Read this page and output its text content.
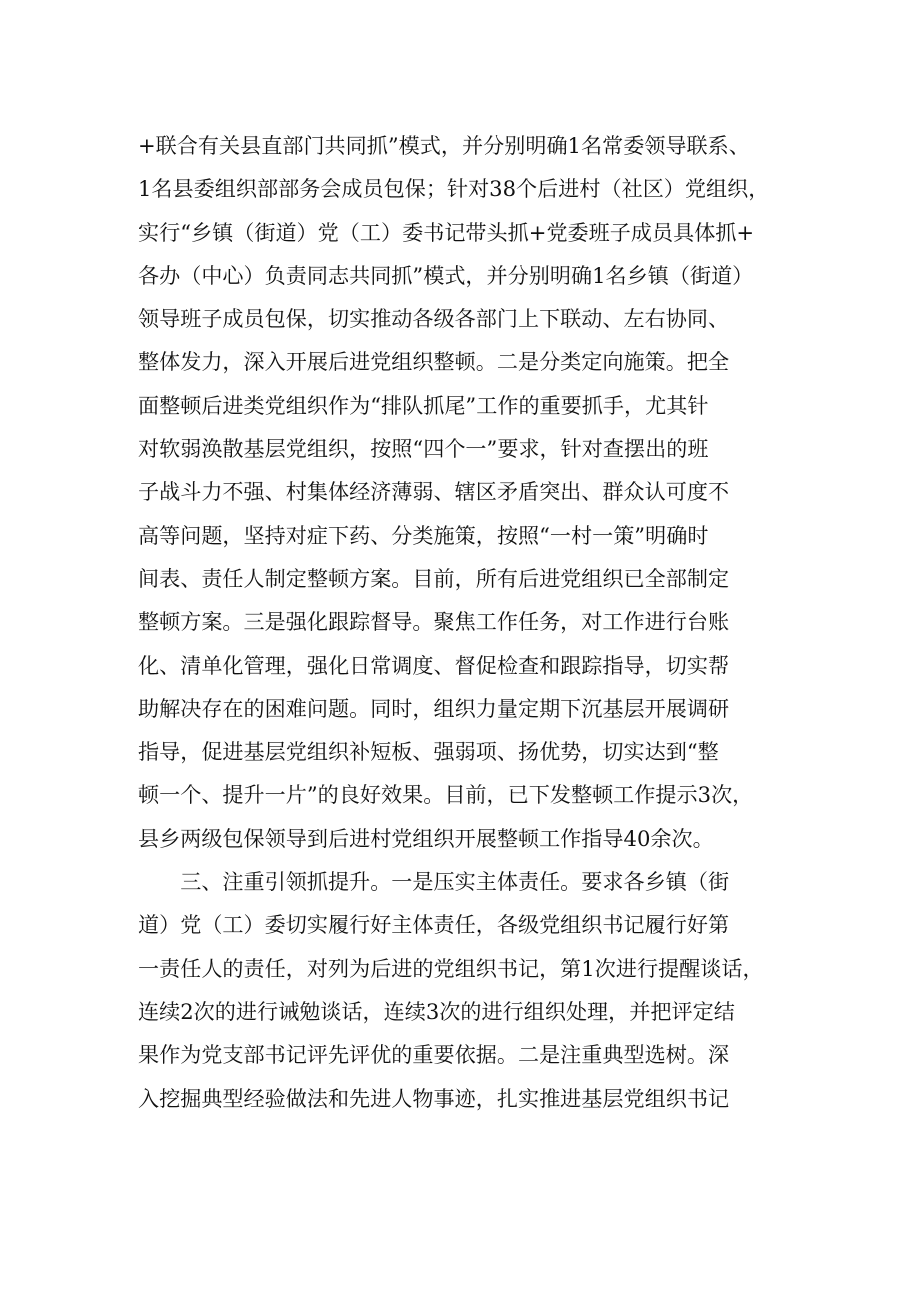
+联合有关县直部门共同抓”模式，并分别明确1名常委领导联系、
1名县委组织部部务会成员包保；针对38个后进村（社区）党组织，
实行“乡镇（街道）党（工）委书记带头抓+党委班子成员具体抓+
各办（中心）负责同志共同抓”模式，并分别明确1名乡镇（街道）
领导班子成员包保，切实推动各级各部门上下联动、左右协同、
整体发力，深入开展后进党组织整顿。二是分类定向施策。把全
面整顿后进类党组织作为“排队抓尾”工作的重要抓手，尤其针
对软弱涣散基层党组织，按照“四个一”要求，针对查摆出的班
子战斗力不强、村集体经济薄弱、辖区矛盾突出、群众认可度不
高等问题，坚持对症下药、分类施策，按照“一村一策”明确时
间表、责任人制定整顿方案。目前，所有后进党组织已全部制定
整顿方案。三是强化跟踪督导。聚焦工作任务，对工作进行台账
化、清单化管理，强化日常调度、督促检查和跟踪指导，切实帮
助解决存在的困难问题。同时，组织力量定期下沉基层开展调研
指导，促进基层党组织补短板、强弱项、扬优势，切实达到“整
顿一个、提升一片”的良好效果。目前，已下发整顿工作提示3次，
县乡两级包保领导到后进村党组织开展整顿工作指导40余次。
　　三、注重引领抓提升。一是压实主体责任。要求各乡镇（街
道）党（工）委切实履行好主体责任，各级党组织书记履行好第
一责任人的责任，对列为后进的党组织书记，第1次进行提醒谈话，
连续2次的进行诫勉谈话，连续3次的进行组织处理，并把评定结
果作为党支部书记评先评优的重要依据。二是注重典型选树。深
入挖掘典型经验做法和先进人物事迹，扎实推进基层党组织书记
